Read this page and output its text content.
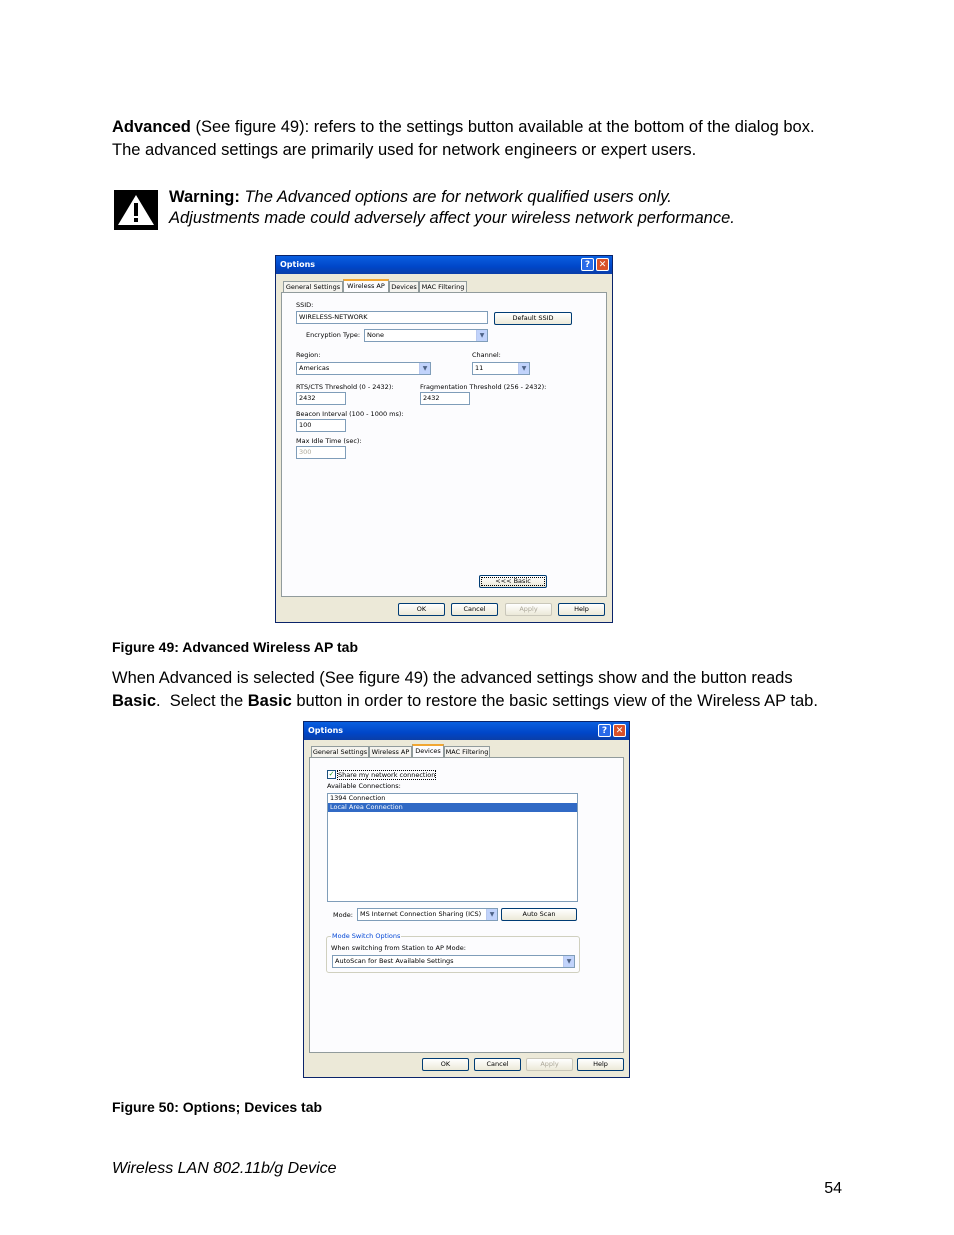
Advanced (See figure 49): refers to the settings button available at the bottom of the dialog box.
The advanced settings are primarily used for network engineers or expert users.
Warning: The Advanced options are for network qualified users only.
Adjustments made could adversely affect your wireless network performance.
Options	? ✕
General Settings	Wireless AP Devices MAC Filtering
SSID:
WIRELESS-NETWORK	Default SSID
Encryption Type:	None	▼
Region:
Americas	▼
Channel:
11	▼
RTS/CTS Threshold (0 - 2432):
2432
Fragmentation Threshold (256 - 2432):
2432
Beacon Interval (100 - 1000 ms):
100
Max Idle Time (sec):
300
<<< Basic
OK	Cancel	Apply	Help
Figure 49: Advanced Wireless AP tab
When Advanced is selected (See figure 49) the advanced settings show and the button reads
Basic.  Select the Basic button in order to restore the basic settings view of the Wireless AP tab.
Options	? ✕
General Settings Wireless AP Devices MAC Filtering
✓ Share my network connection
Available Connections:
1394 Connection
Local Area Connection
Mode:	MS Internet Connection Sharing (ICS)	▼	Auto Scan
Mode Switch Options
When switching from Station to AP Mode:
AutoScan for Best Available Settings	▼
OK	Cancel	Apply	Help
Figure 50: Options; Devices tab
Wireless LAN 802.11b/g Device
54
